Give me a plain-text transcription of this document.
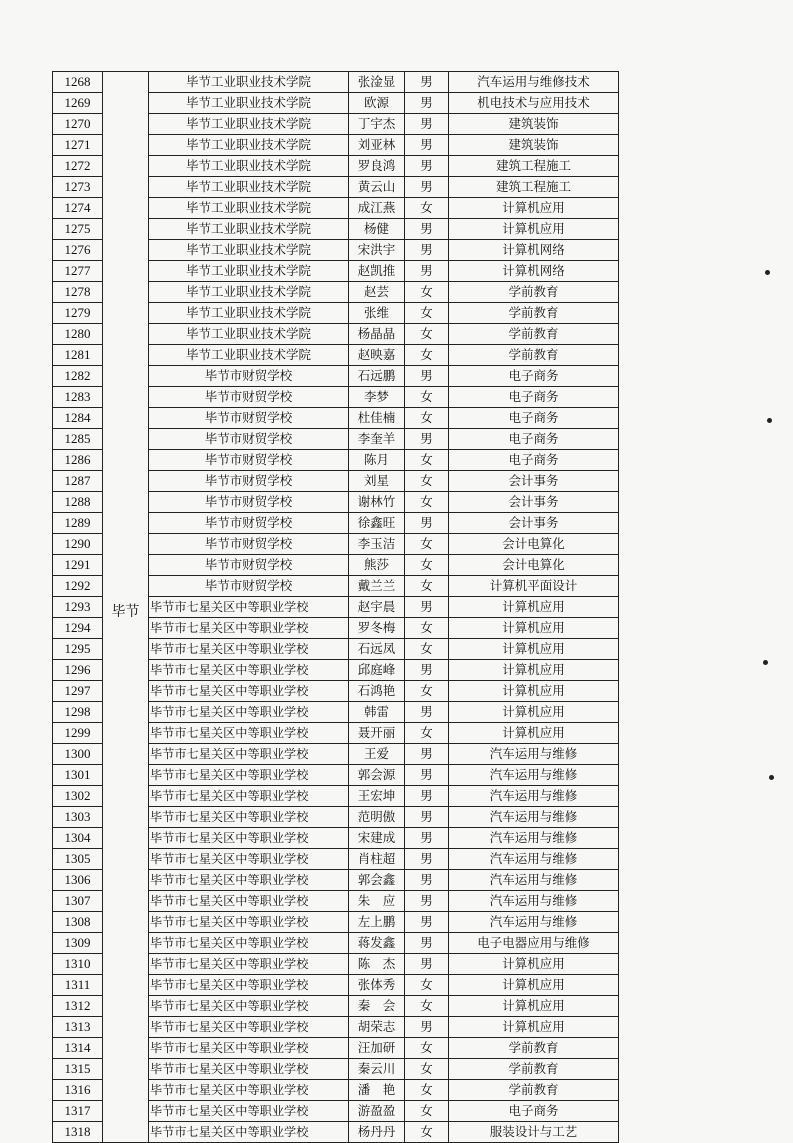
1268	毕节	毕节工业职业技术学院	张淦显	男	汽车运用与维修技术
1269		毕节工业职业技术学院	欧源	男	机电技术与应用技术
1270		毕节工业职业技术学院	丁宇杰	男	建筑装饰
1271		毕节工业职业技术学院	刘亚林	男	建筑装饰
1272		毕节工业职业技术学院	罗良鸿	男	建筑工程施工
1273		毕节工业职业技术学院	黄云山	男	建筑工程施工
1274		毕节工业职业技术学院	成江燕	女	计算机应用
1275		毕节工业职业技术学院	杨健	男	计算机应用
1276		毕节工业职业技术学院	宋洪宇	男	计算机网络
1277		毕节工业职业技术学院	赵凯推	男	计算机网络
1278		毕节工业职业技术学院	赵芸	女	学前教育
1279		毕节工业职业技术学院	张维	女	学前教育
1280		毕节工业职业技术学院	杨晶晶	女	学前教育
1281		毕节工业职业技术学院	赵映嘉	女	学前教育
1282		毕节市财贸学校	石远鹏	男	电子商务
1283		毕节市财贸学校	李梦	女	电子商务
1284		毕节市财贸学校	杜佳楠	女	电子商务
1285		毕节市财贸学校	李奎羊	男	电子商务
1286		毕节市财贸学校	陈月	女	电子商务
1287		毕节市财贸学校	刘星	女	会计事务
1288		毕节市财贸学校	谢林竹	女	会计事务
1289		毕节市财贸学校	徐鑫旺	男	会计事务
1290		毕节市财贸学校	李玉洁	女	会计电算化
1291		毕节市财贸学校	熊莎	女	会计电算化
1292		毕节市财贸学校	戴兰兰	女	计算机平面设计
1293		毕节市七星关区中等职业学校	赵宇晨	男	计算机应用
1294		毕节市七星关区中等职业学校	罗冬梅	女	计算机应用
1295		毕节市七星关区中等职业学校	石远凤	女	计算机应用
1296		毕节市七星关区中等职业学校	邱庭峰	男	计算机应用
1297		毕节市七星关区中等职业学校	石鸿艳	女	计算机应用
1298		毕节市七星关区中等职业学校	韩雷	男	计算机应用
1299		毕节市七星关区中等职业学校	聂开丽	女	计算机应用
1300		毕节市七星关区中等职业学校	王爱	男	汽车运用与维修
1301		毕节市七星关区中等职业学校	郭会源	男	汽车运用与维修
1302		毕节市七星关区中等职业学校	王宏坤	男	汽车运用与维修
1303		毕节市七星关区中等职业学校	范明傲	男	汽车运用与维修
1304		毕节市七星关区中等职业学校	宋建成	男	汽车运用与维修
1305		毕节市七星关区中等职业学校	肖柱超	男	汽车运用与维修
1306		毕节市七星关区中等职业学校	郭会鑫	男	汽车运用与维修
1307		毕节市七星关区中等职业学校	朱　应	男	汽车运用与维修
1308		毕节市七星关区中等职业学校	左上鹏	男	汽车运用与维修
1309		毕节市七星关区中等职业学校	蒋发鑫	男	电子电器应用与维修
1310		毕节市七星关区中等职业学校	陈　杰	男	计算机应用
1311		毕节市七星关区中等职业学校	张体秀	女	计算机应用
1312		毕节市七星关区中等职业学校	秦　会	女	计算机应用
1313		毕节市七星关区中等职业学校	胡荣志	男	计算机应用
1314		毕节市七星关区中等职业学校	汪加研	女	学前教育
1315		毕节市七星关区中等职业学校	秦云川	女	学前教育
1316		毕节市七星关区中等职业学校	潘　艳	女	学前教育
1317		毕节市七星关区中等职业学校	游盈盈	女	电子商务
1318		毕节市七星关区中等职业学校	杨丹丹	女	服装设计与工艺
